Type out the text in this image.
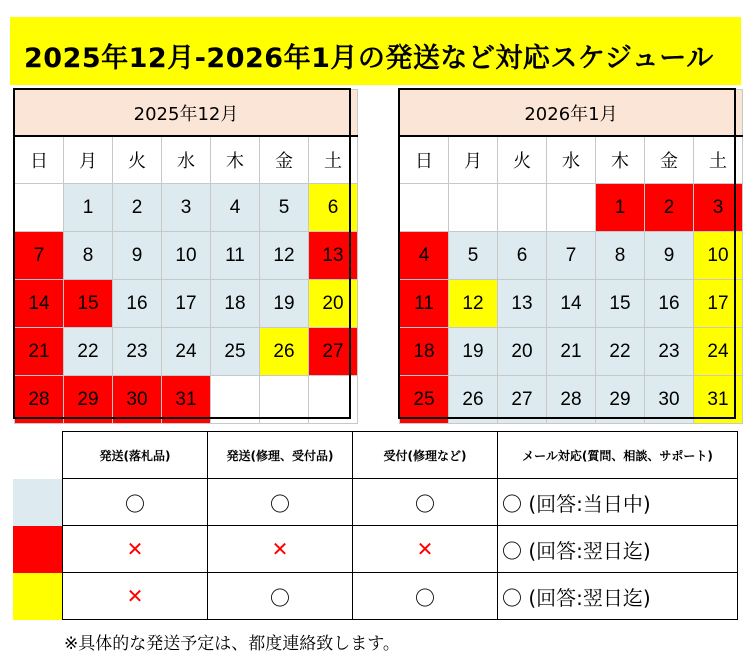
2025年12月-2026年1月の発送など対応スケジュール
2025年12月						
日	月	火	水	木	金	土
	1	2	3	4	5	6
7	8	9	10	11	12	13
14	15	16	17	18	19	20
21	22	23	24	25	26	27
28	29	30	31			
2026年1月						
日	月	火	水	木	金	土
				1	2	3
4	5	6	7	8	9	10
11	12	13	14	15	16	17
18	19	20	21	22	23	24
25	26	27	28	29	30	31
	発送(落札品)	発送(修理、受付品)	受付(修理など)	メール対応(質問、相談、サポート)
	〇	〇	〇	〇 (回答:当日中)
	✕	✕	✕	〇 (回答:翌日迄)
	✕	〇	〇	〇 (回答:翌日迄)
※具体的な発送予定は、都度連絡致します。
